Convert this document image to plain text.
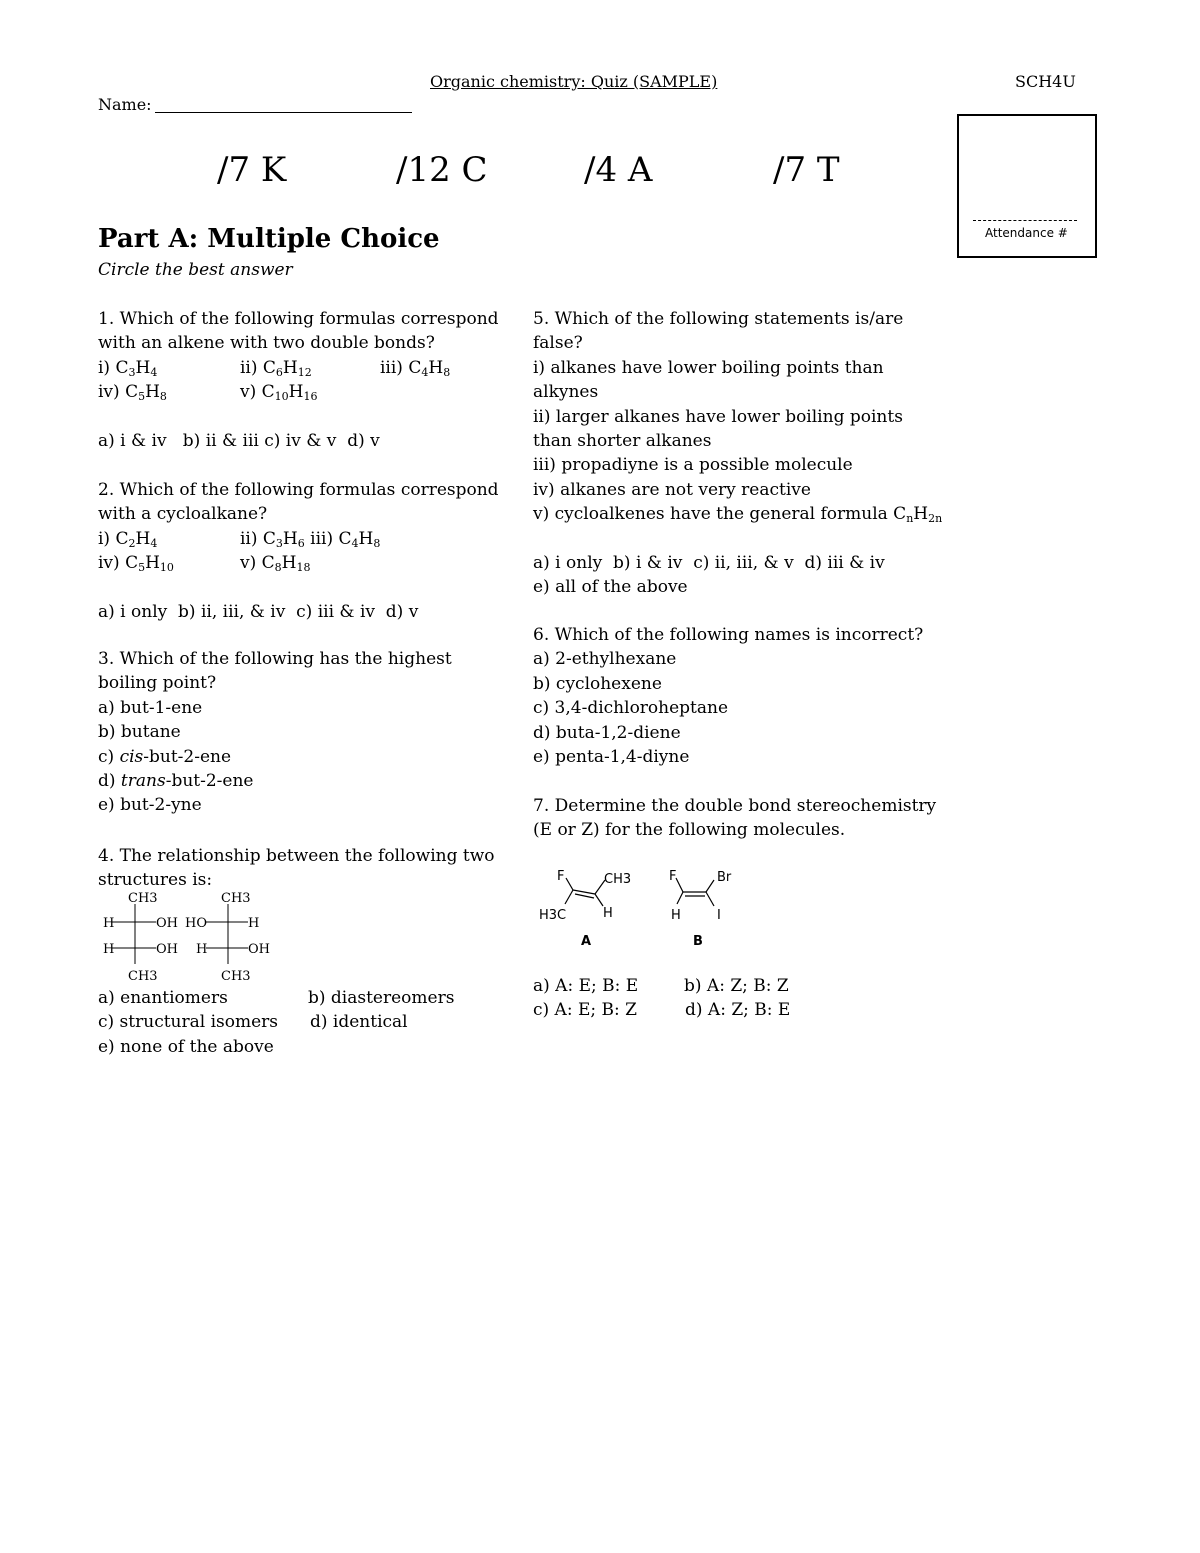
Organic chemistry: Quiz (SAMPLE)	SCH4U
Name:
/7 K	/12 C	/4 A	/7 T
Attendance #
Part A: Multiple Choice
Circle the best answer
1. Which of the following formulas correspond
with an alkene with two double bonds?
i) $C_3H_4$	ii) $C_6H_{12}$	iii) $C_4H_8$
iv) $C_5H_8$	v) $C_{10}H_{16}$
a) i & iv   b) ii & iii c) iv & v  d) v
2. Which of the following formulas correspond
with a cycloalkane?
i) $C_2H_4$	ii) $C_3H_6$ iii) $C_4H_8$
iv) $C_5H_{10}$	v) $C_8H_{18}$
a) i only  b) ii, iii, & iv  c) iii & iv  d) v
3. Which of the following has the highest
boiling point?
a) but-1-ene
b) butane
c) cis-but-2-ene
d) trans-but-2-ene
e) but-2-yne
4. The relationship between the following two
structures is:
CH3
H	OH
H	OH
CH3
CH3
HO	H
H	OH
CH3
a) enantiomers	b) diastereomers
c) structural isomers	d) identical
e) none of the above
5. Which of the following statements is/are
false?
i) alkanes have lower boiling points than
alkynes
ii) larger alkanes have lower boiling points
than shorter alkanes
iii) propadiyne is a possible molecule
iv) alkanes are not very reactive
v) cycloalkenes have the general formula $C_nH_{2n}$
a) i only  b) i & iv  c) ii, iii, & v  d) iii & iv
e) all of the above
6. Which of the following names is incorrect?
a) 2-ethylhexane
b) cyclohexene
c) 3,4-dichloroheptane
d) buta-1,2-diene
e) penta-1,4-diyne
7. Determine the double bond stereochemistry
(E or Z) for the following molecules.
F	CH3
H3C	H
A
F	Br
H	I
B
a) A: E; B: E	b) A: Z; B: Z
c) A: E; B: Z	d) A: Z; B: E
